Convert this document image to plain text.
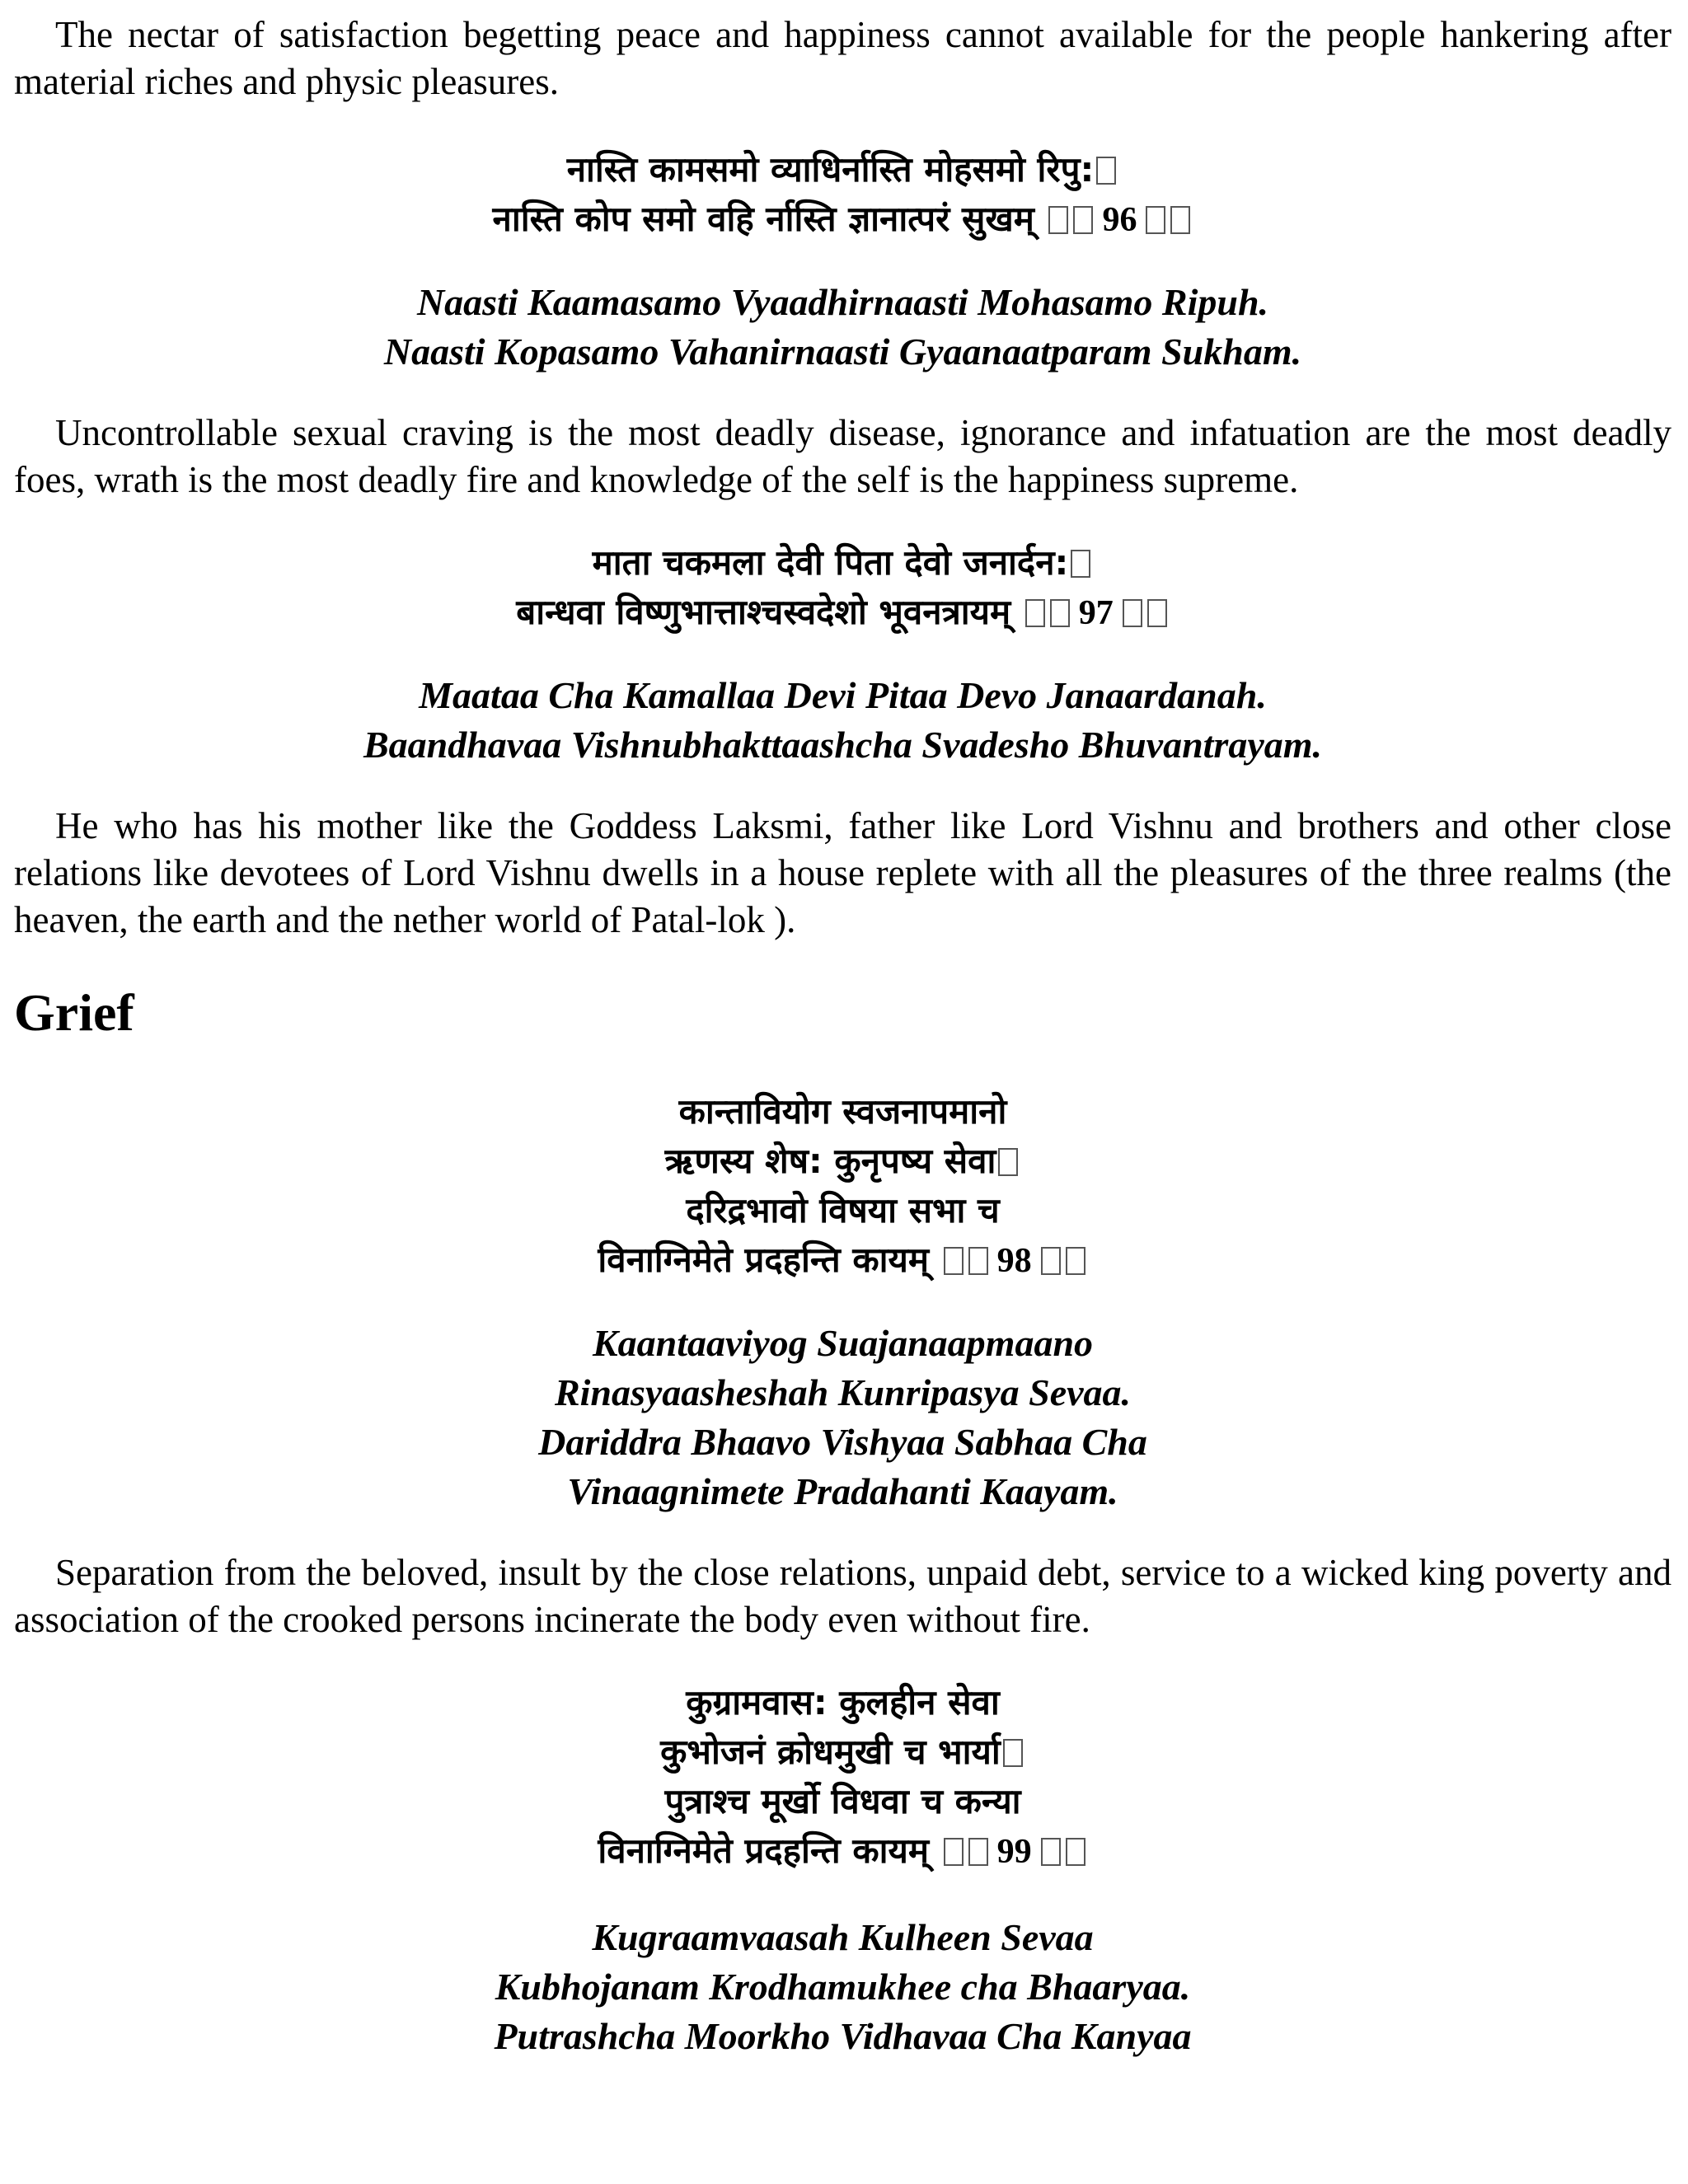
The nectar of satisfaction begetting peace and happiness cannot available for the people hankering after material riches and physic pleasures.

नास्ति कामसमो व्याधिर्नास्ति मोहसमो रिपु:
नास्ति कोप समो वहि र्नास्ति ज्ञानात्परं सुखम् 96
Naasti Kaamasamo Vyaadhirnaasti Mohasamo Ripuh.
Naasti Kopasamo Vahanirnaasti Gyaanaatparam Sukham.

Uncontrollable sexual craving is the most deadly disease, ignorance and infatuation are the most deadly foes, wrath is the most deadly fire and knowledge of the self is the happiness supreme.

माता चकमला देवी पिता देवो जनार्दन:
बान्धवा विष्णुभात्ताश्चस्वदेशो भूवनत्रायम् 97
Maataa Cha Kamallaa Devi Pitaa Devo Janaardanah.
Baandhavaa Vishnubhakttaashcha Svadesho Bhuvantrayam.

He who has his mother like the Goddess Laksmi, father like Lord Vishnu and brothers and other close relations like devotees of Lord Vishnu dwells in a house replete with all the pleasures of the three realms (the heaven, the earth and the nether world of Patal-lok ).

Grief
कान्तावियोग स्वजनापमानो
ऋणस्य शेष: कुनृपष्य सेवा
दरिद्रभावो विषया सभा च
विनाग्निमेते प्रदहन्ति कायम् 98
Kaantaaviyog Suajanaapmaano
Rinasyaasheshah Kunripasya Sevaa.
Dariddra Bhaavo Vishyaa Sabhaa Cha
Vinaagnimete Pradahanti Kaayam.

Separation from the beloved, insult by the close relations, unpaid debt, service to a wicked king poverty and association of the crooked persons incinerate the body even without fire.

कुग्रामवास: कुलहीन सेवा
कुभोजनं क्रोधमुखी च भार्या
पुत्राश्च मूर्खो विधवा च कन्या
विनाग्निमेते प्रदहन्ति कायम् 99
Kugraamvaasah Kulheen Sevaa
Kubhojanam Krodhamukhee cha Bhaaryaa.
Putrashcha Moorkho Vidhavaa Cha Kanyaa
